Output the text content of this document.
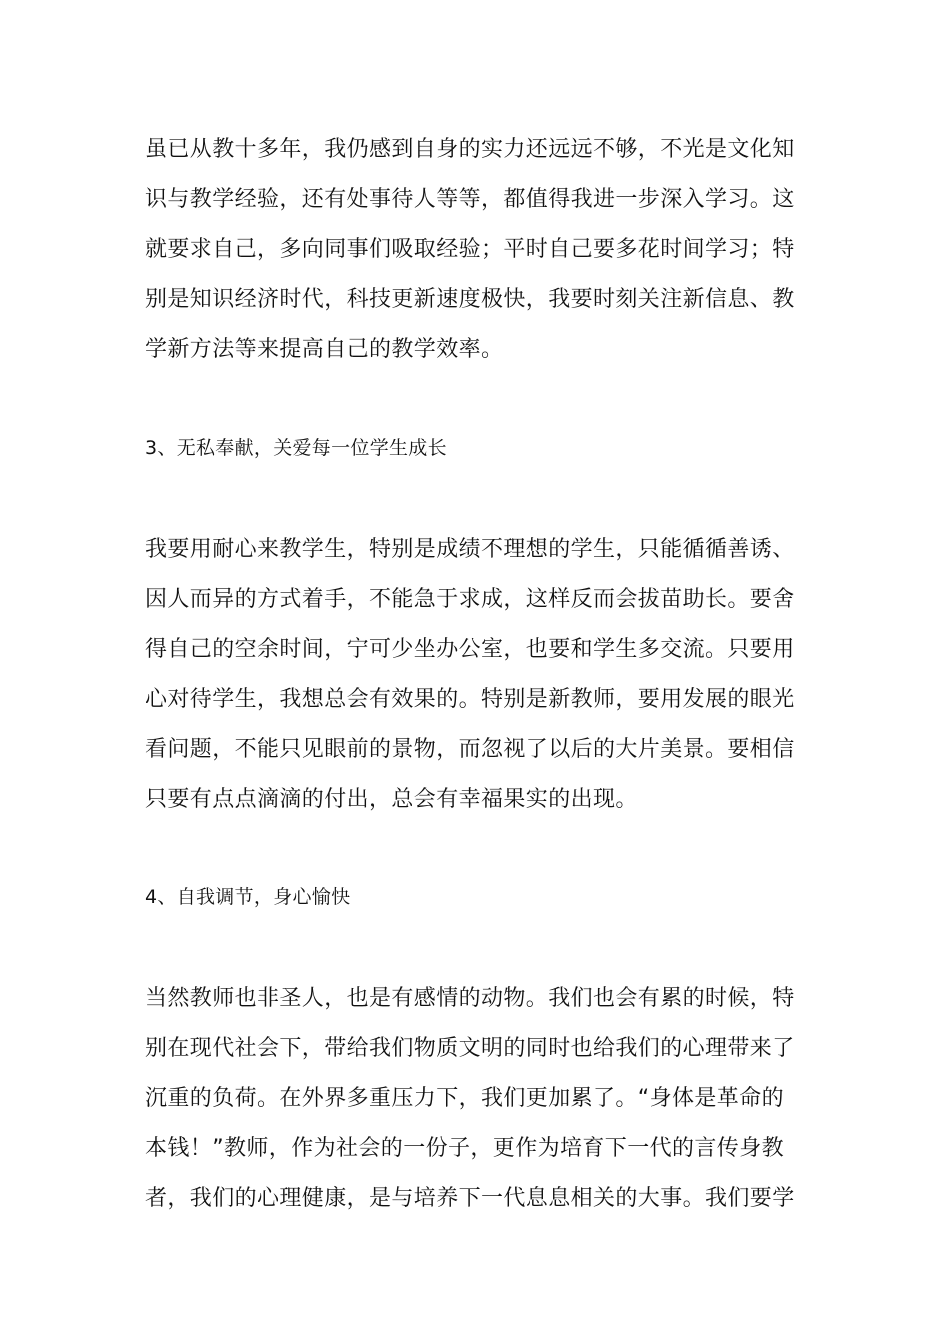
虽已从教十多年，我仍感到自身的实力还远远不够，不光是文化知
识与教学经验，还有处事待人等等，都值得我进一步深入学习。这
就要求自己，多向同事们吸取经验；平时自己要多花时间学习；特
别是知识经济时代，科技更新速度极快，我要时刻关注新信息、教
学新方法等来提高自己的教学效率。
3、无私奉献，关爱每一位学生成长
我要用耐心来教学生，特别是成绩不理想的学生，只能循循善诱、
因人而异的方式着手，不能急于求成，这样反而会拔苗助长。要舍
得自己的空余时间，宁可少坐办公室，也要和学生多交流。只要用
心对待学生，我想总会有效果的。特别是新教师，要用发展的眼光
看问题，不能只见眼前的景物，而忽视了以后的大片美景。要相信
只要有点点滴滴的付出，总会有幸福果实的出现。
4、自我调节，身心愉快
当然教师也非圣人，也是有感情的动物。我们也会有累的时候，特
别在现代社会下，带给我们物质文明的同时也给我们的心理带来了
沉重的负荷。在外界多重压力下，我们更加累了。“身体是革命的
本钱！”教师，作为社会的一份子，更作为培育下一代的言传身教
者，我们的心理健康，是与培养下一代息息相关的大事。我们要学
